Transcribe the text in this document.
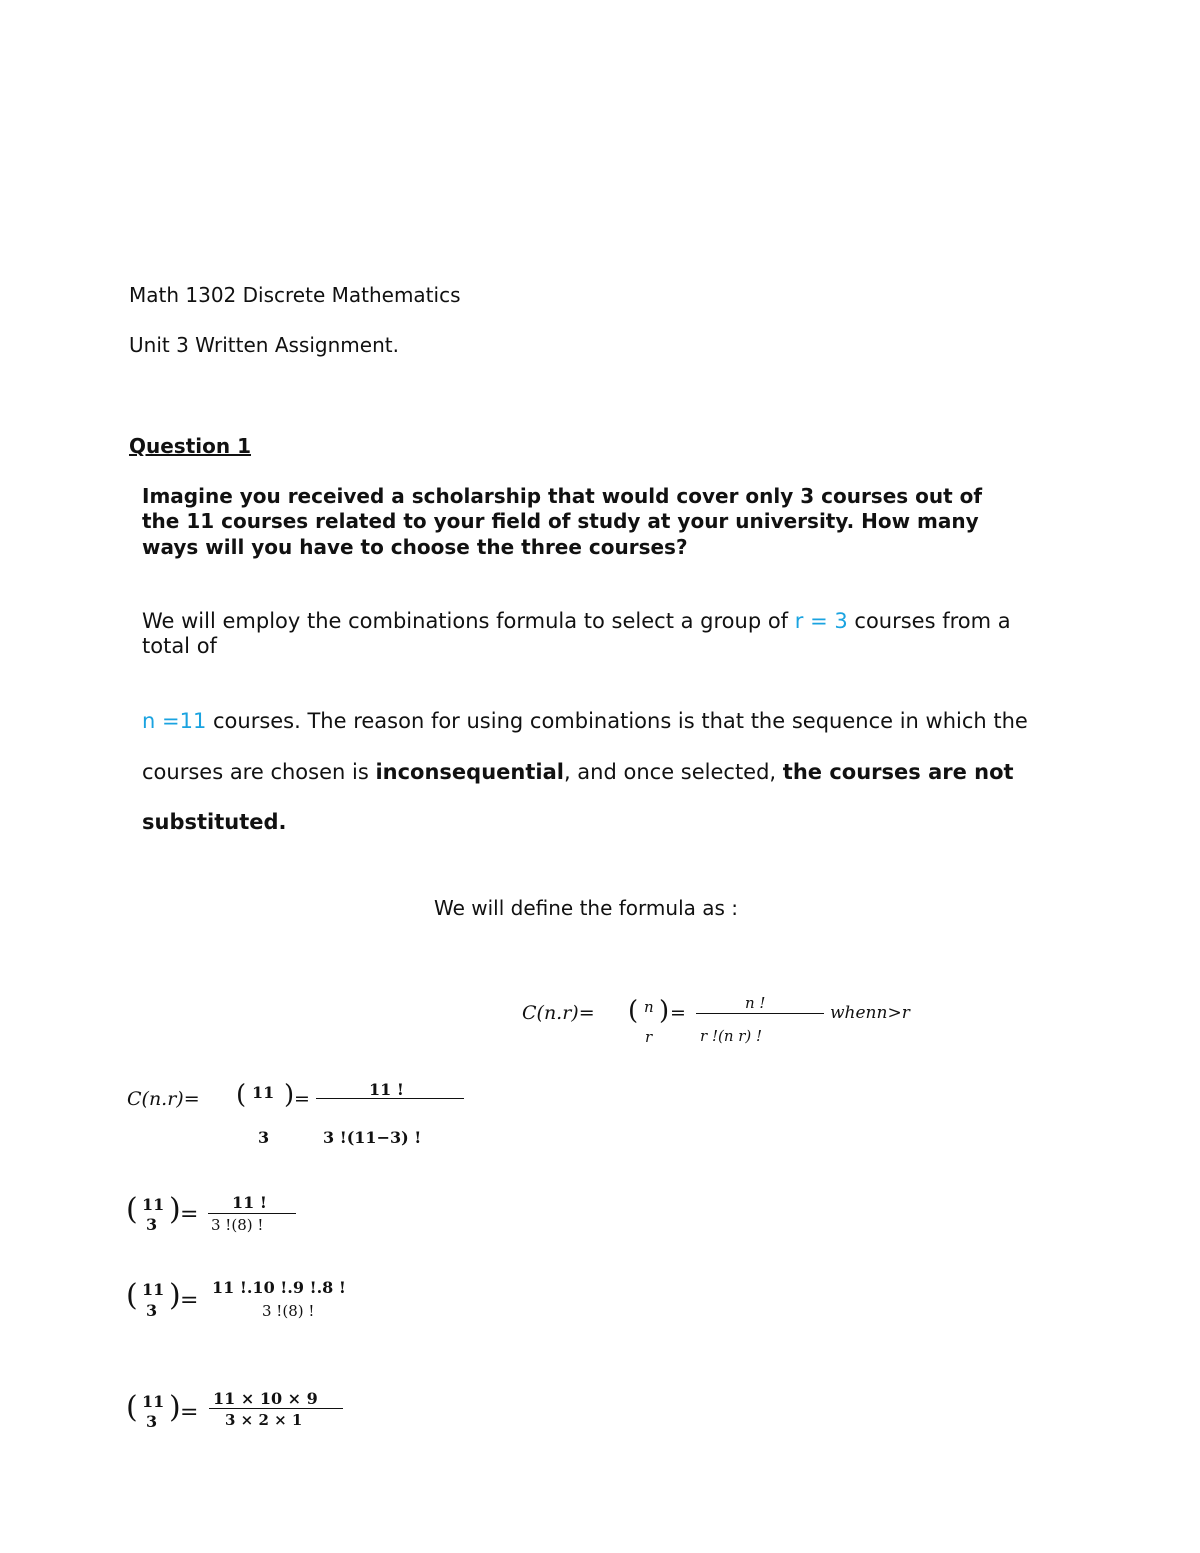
Math 1302 Discrete Mathematics
Unit 3 Written Assignment.
Question 1
Imagine you received a scholarship that would cover only 3 courses out of
the 11 courses related to your field of study at your university. How many
ways will you have to choose the three courses?
We will employ the combinations formula to select a group of r = 3 courses from a
total of
n =11 courses. The reason for using combinations is that the sequence in which the
courses are chosen is inconsequential, and once selected, the courses are not
substituted.
We will define the formula as :
C(n.r)= ( n
r
) =	n !
r !(n r) !
whenn>r
C(n.r)= ( 11
3
) =	11 !
3 !(11−3) !
( 11
3 ) = 11 !
3 !(8) !
( 11
3 ) =
11 !.10 !.9 !.8 !
3 !(8) !
( 11
3 ) =
11 × 10 × 9
3 × 2 × 1
